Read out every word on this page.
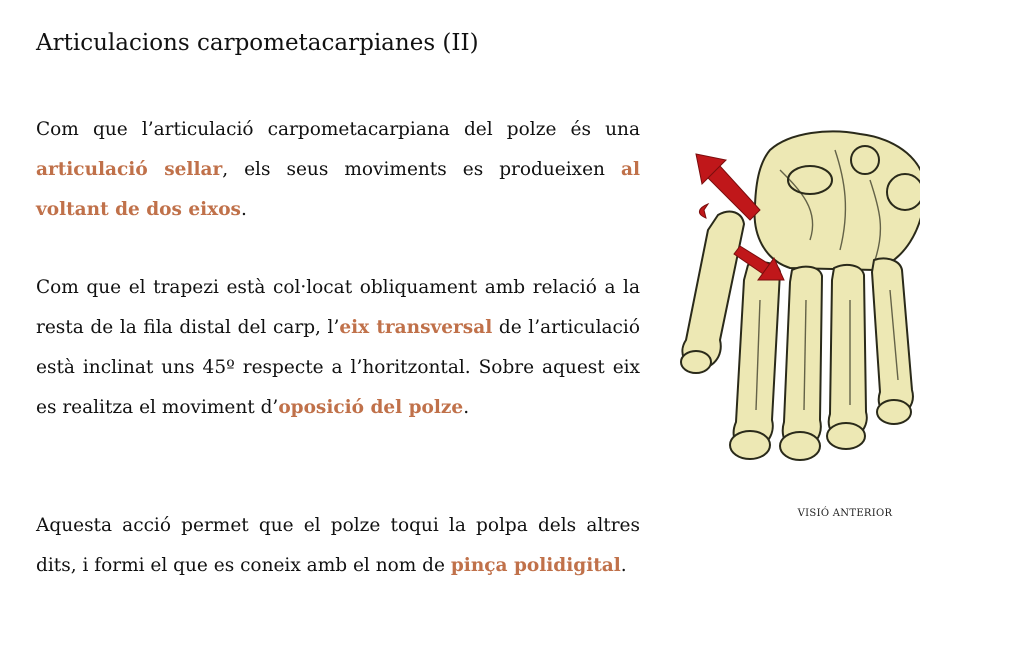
Articulacions carpometacarpianes (II)

Com que l’articulació carpometacarpiana del polze és una articulació sellar, els seus moviments es produeixen al voltant de dos eixos.

Com que el trapezi està col·locat obliquament amb relació a la resta de la fila distal del carp, l’eix transversal de l’articulació està inclinat uns 45º respecte a l’horitzontal. Sobre aquest eix es realitza el moviment d’oposició del polze.

Aquesta acció permet que el polze toqui la polpa dels altres dits, i formi el que es coneix amb el nom de pinça polidigital.

VISIÓ ANTERIOR
